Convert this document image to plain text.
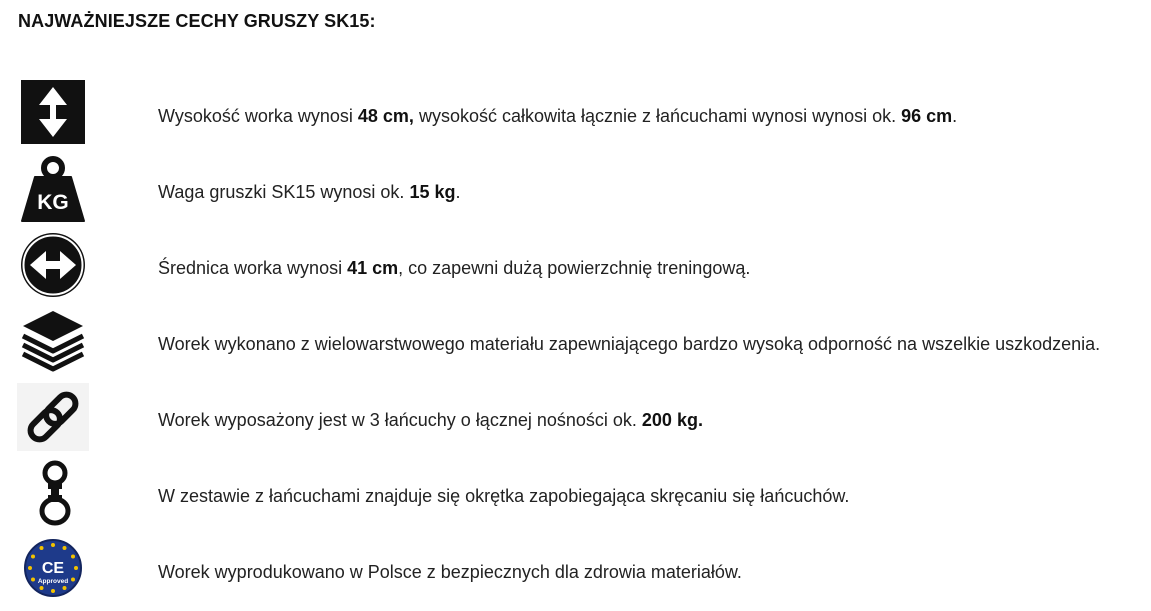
NAJWAŻNIEJSZE CECHY GRUSZY SK15:
Wysokość worka wynosi 48 cm, wysokość całkowita łącznie z łańcuchami wynosi wynosi ok. 96 cm.
KG	Waga gruszki SK15 wynosi ok. 15 kg.
Średnica worka wynosi 41 cm, co zapewni dużą powierzchnię treningową.
Worek wykonano z wielowarstwowego materiału zapewniającego bardzo wysoką odporność na wszelkie uszkodzenia.
Worek wyposażony jest w 3 łańcuchy o łącznej nośności ok. 200 kg.
W zestawie z łańcuchami znajduje się okrętka zapobiegająca skręcaniu się łańcuchów.
CE
Approved	Worek wyprodukowano w Polsce z bezpiecznych dla zdrowia materiałów.
